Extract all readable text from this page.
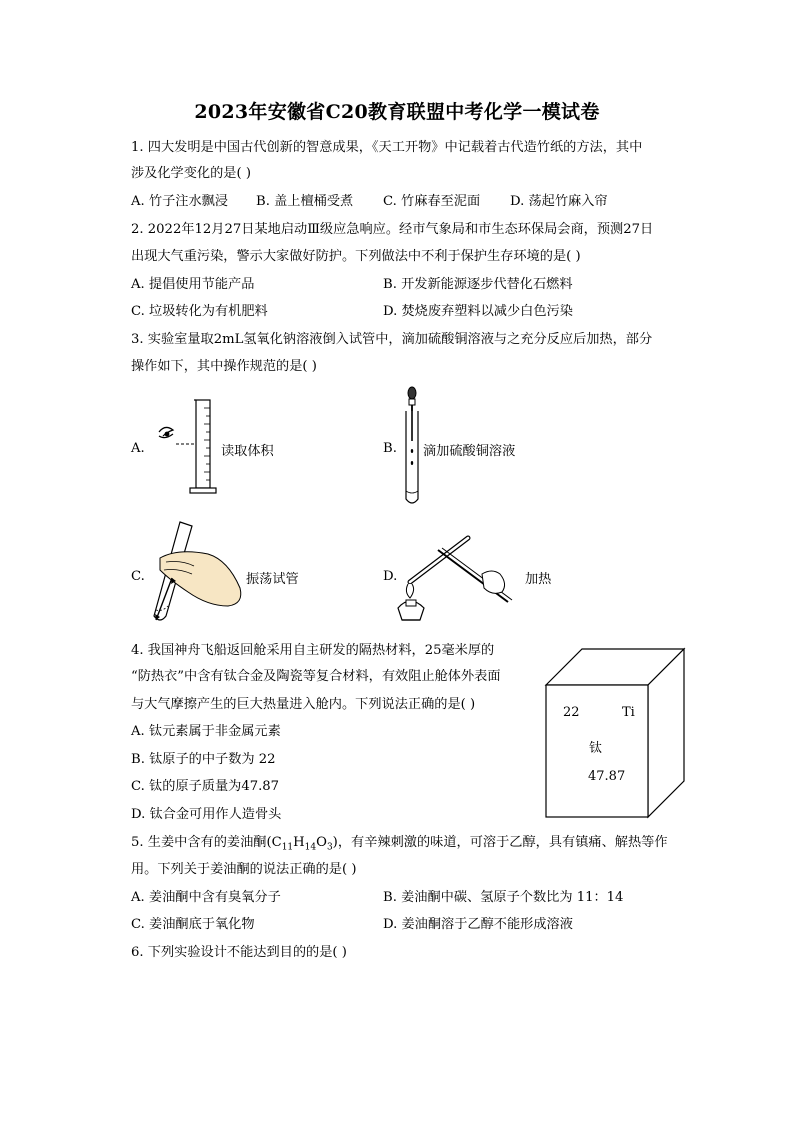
2023年安徽省C20教育联盟中考化学一模试卷
1. 四大发明是中国古代创新的智意成果，《天工开物》中记载着古代造竹纸的方法，其中
涉及化学变化的是( )
A. 竹子注水飘浸 B. 盖上檀桶受煮 C. 竹麻春至泥面 D. 荡起竹麻入帘
2. 2022年12月27日某地启动Ⅲ级应急响应。经市气象局和市生态环保局会商，预测27日
出现大气重污染，警示大家做好防护。下列做法中不利于保护生存环境的是( )
A. 提倡使用节能产品	B. 开发新能源逐步代替化石燃料
C. 垃圾转化为有机肥料	D. 焚烧废弃塑料以减少白色污染
3. 实验室量取2mL氢氧化钠溶液倒入试管中，滴加硫酸铜溶液与之充分反应后加热，部分
操作如下，其中操作规范的是( )
A.	读取体积	B. 滴加硫酸铜溶液
C.	振荡试管	D.	加热
4. 我国神舟飞船返回舱采用自主研发的隔热材料，25毫米厚的
“防热衣”中含有钛合金及陶瓷等复合材料，有效阻止舱体外表面
与大气摩擦产生的巨大热量进入舱内。下列说法正确的是( )
A. 钛元素属于非金属元素
B. 钛原子的中子数为 22
C. 钛的原子质量为47.87
D. 钛合金可用作人造骨头
22	Ti
钛
47.87
5. 生姜中含有的姜油酮$(C_{11}H_{14}O_3)$，有辛辣刺激的味道，可溶于乙醇，具有镇痛、解热等作
用。下列关于姜油酮的说法正确的是( )
A. 姜油酮中含有臭氧分子	B. 姜油酮中碳、氢原子个数比为 11：14
C. 姜油酮底于氧化物	D. 姜油酮溶于乙醇不能形成溶液
6. 下列实验设计不能达到目的的是( )
